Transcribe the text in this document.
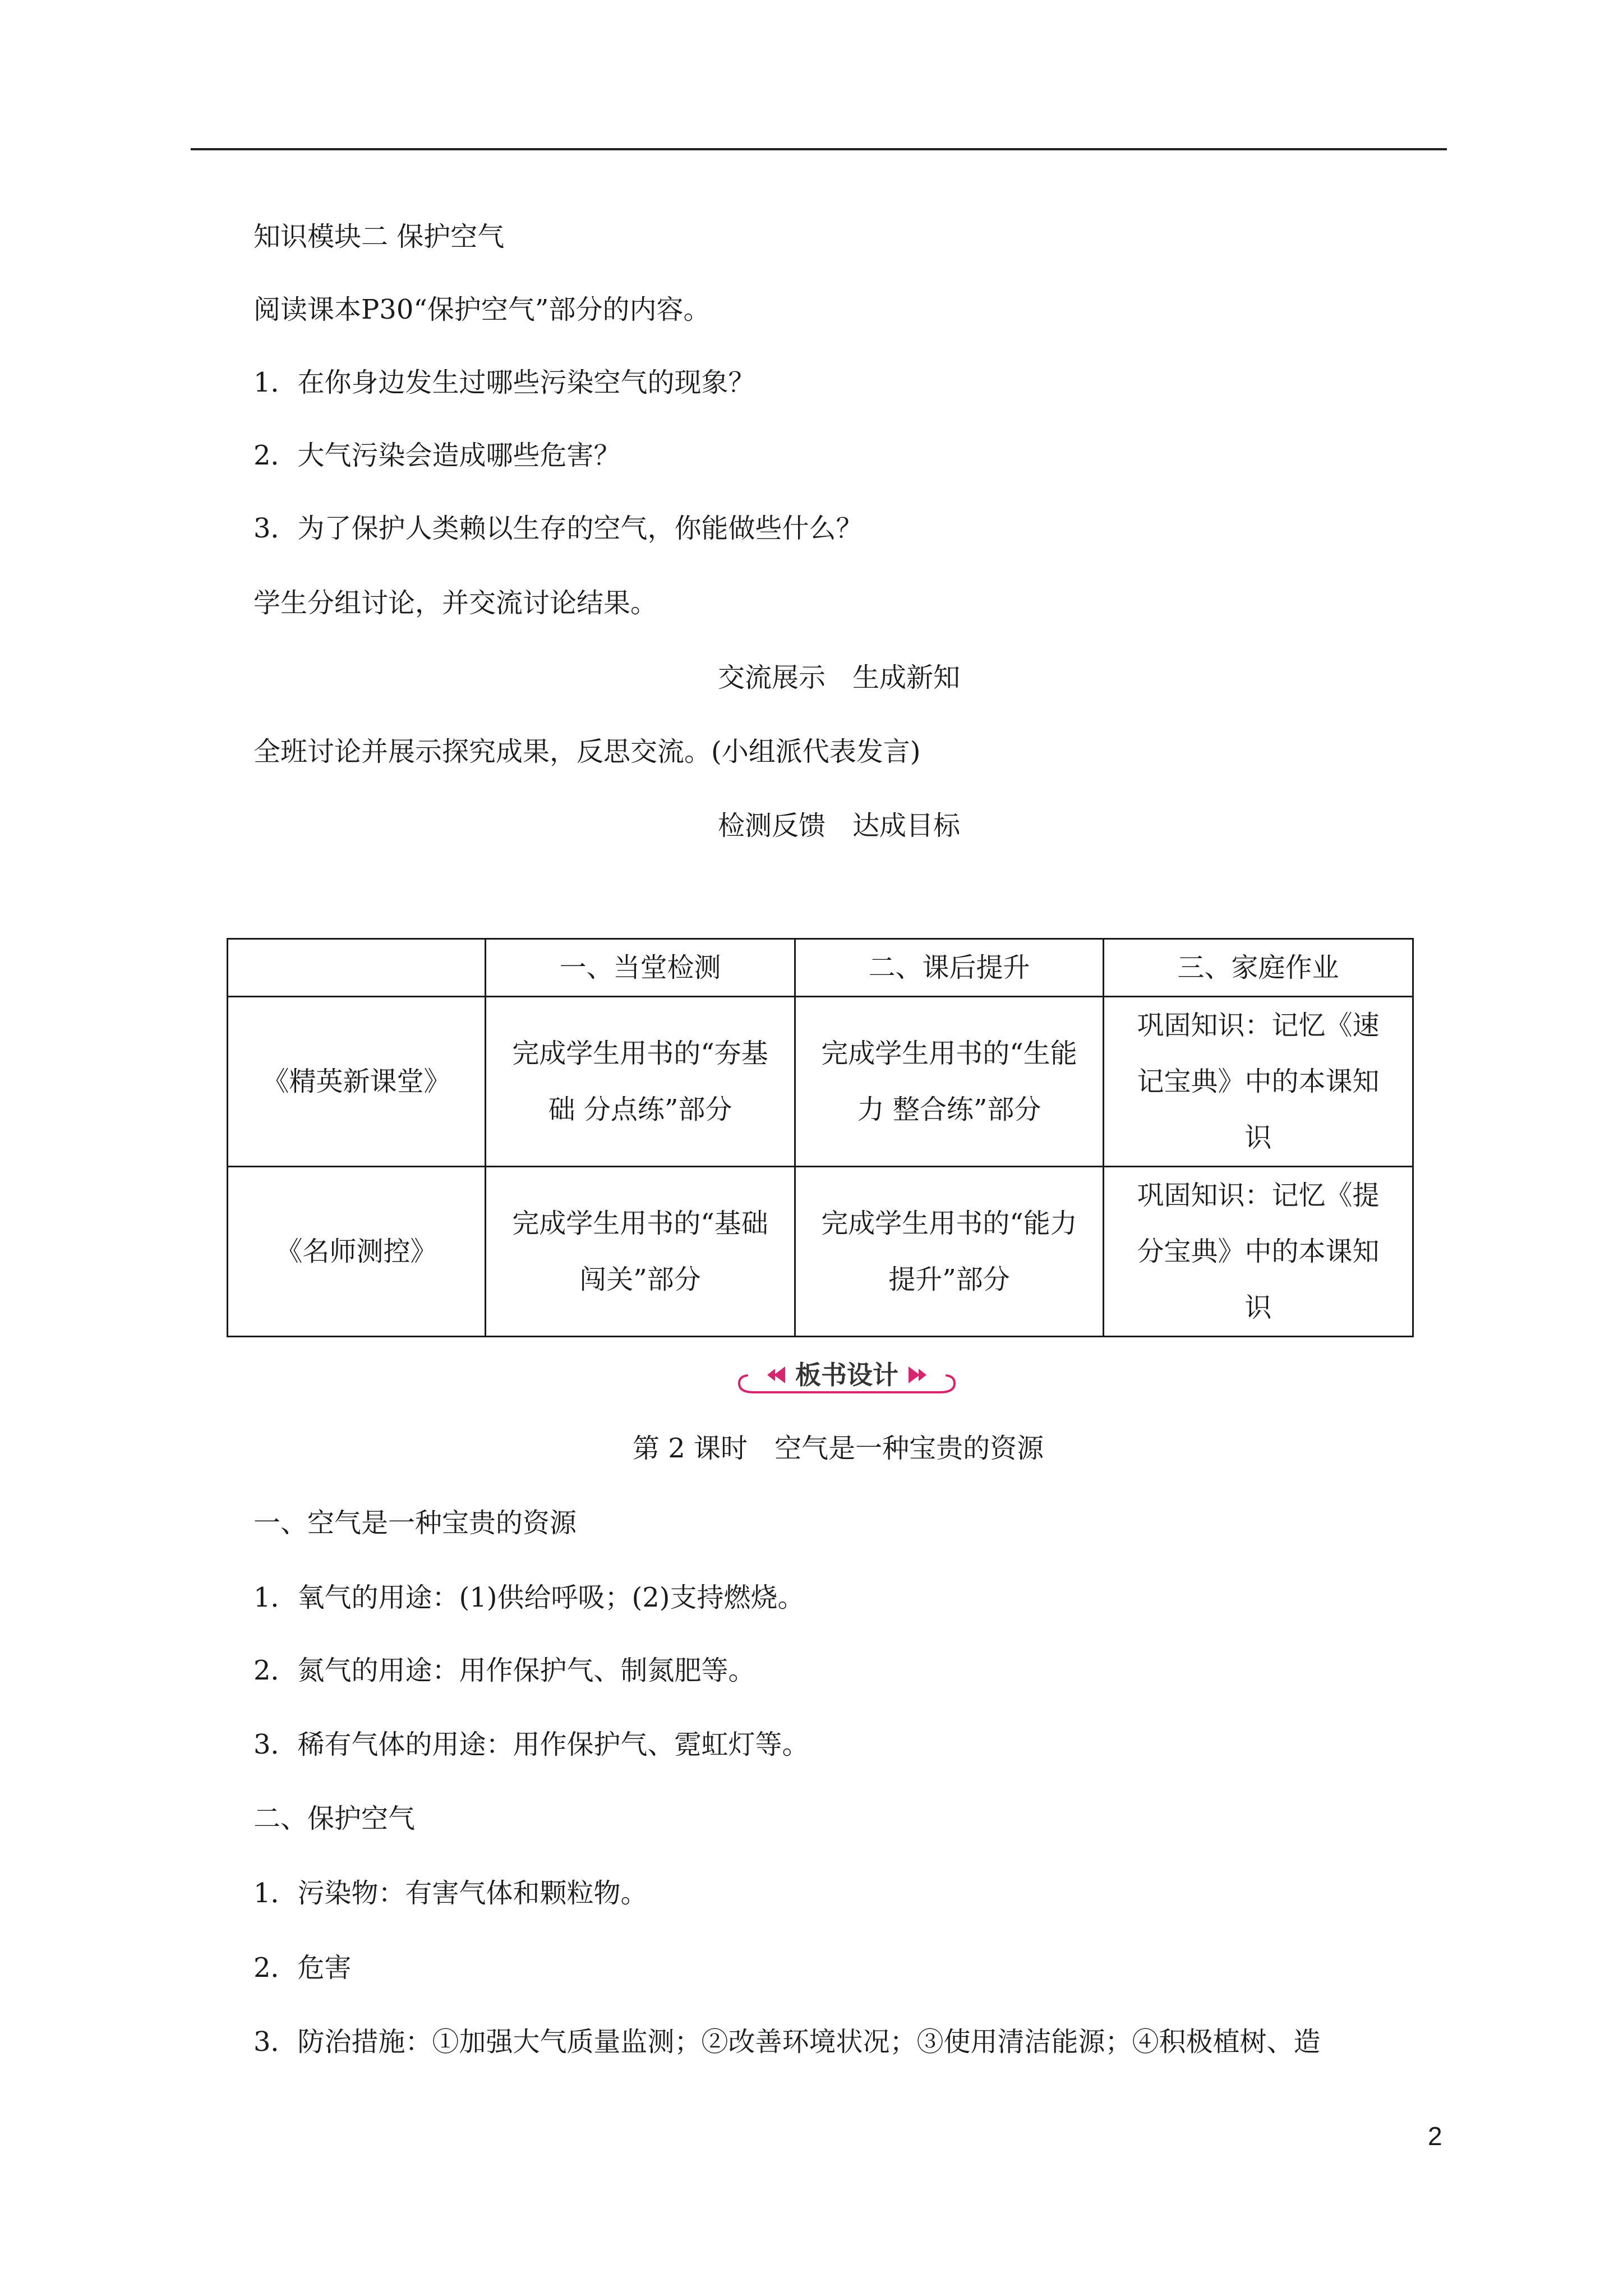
知识模块二 保护空气
阅读课本P30“保护空气”部分的内容。
1．在你身边发生过哪些污染空气的现象？
2．大气污染会造成哪些危害？
3．为了保护人类赖以生存的空气，你能做些什么？
学生分组讨论，并交流讨论结果。
交流展示 生成新知
全班讨论并展示探究成果，反思交流。(小组派代表发言)
检测反馈 达成目标
	一、当堂检测	二、课后提升	三、家庭作业
《精英新课堂》	完成学生用书的“夯基础 分点练”部分	完成学生用书的“生能力 整合练”部分	巩固知识：记忆《速记宝典》中的本课知识
《名师测控》	完成学生用书的“基础闯关”部分	完成学生用书的“能力提升”部分	巩固知识：记忆《提分宝典》中的本课知识
板书设计
第 2 课时 空气是一种宝贵的资源
一、空气是一种宝贵的资源
1．氧气的用途：(1)供给呼吸；(2)支持燃烧。
2．氮气的用途：用作保护气、制氮肥等。
3．稀有气体的用途：用作保护气、霓虹灯等。
二、保护空气
1．污染物：有害气体和颗粒物。
2．危害
3．防治措施：①加强大气质量监测；②改善环境状况；③使用清洁能源；④积极植树、造
2
